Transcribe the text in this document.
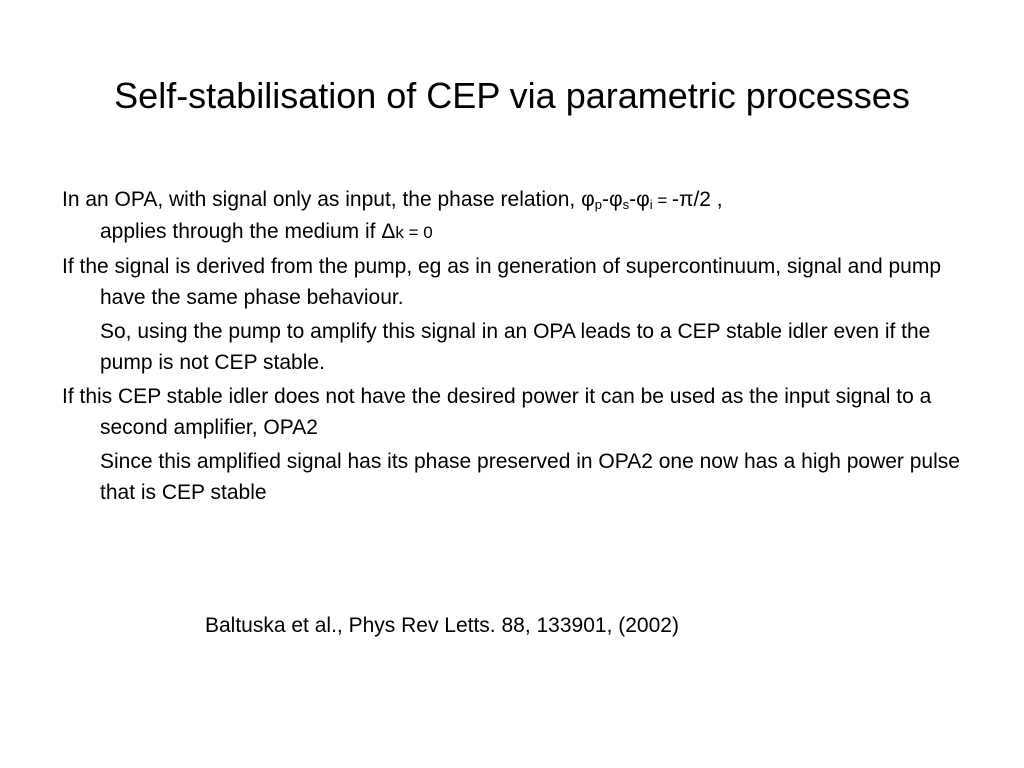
Self-stabilisation of CEP via parametric processes

In an OPA, with signal only as input, the phase relation, $\varphi_p-\varphi_s-\varphi_i = -\pi/2$ ,
applies through the medium if Δk = 0

If the signal is derived from the pump, eg as in generation of supercontinuum, signal and pump have the same phase behaviour.

So, using the pump to amplify this signal in an OPA leads to a CEP stable idler even if the pump is not CEP stable.

If this CEP stable idler does not have the desired power it can be used as the input signal to a second amplifier, OPA2

Since this amplified signal has its phase preserved in OPA2 one now has a high power pulse that is CEP stable

Baltuska et al., Phys Rev Letts. 88, 133901, (2002)
